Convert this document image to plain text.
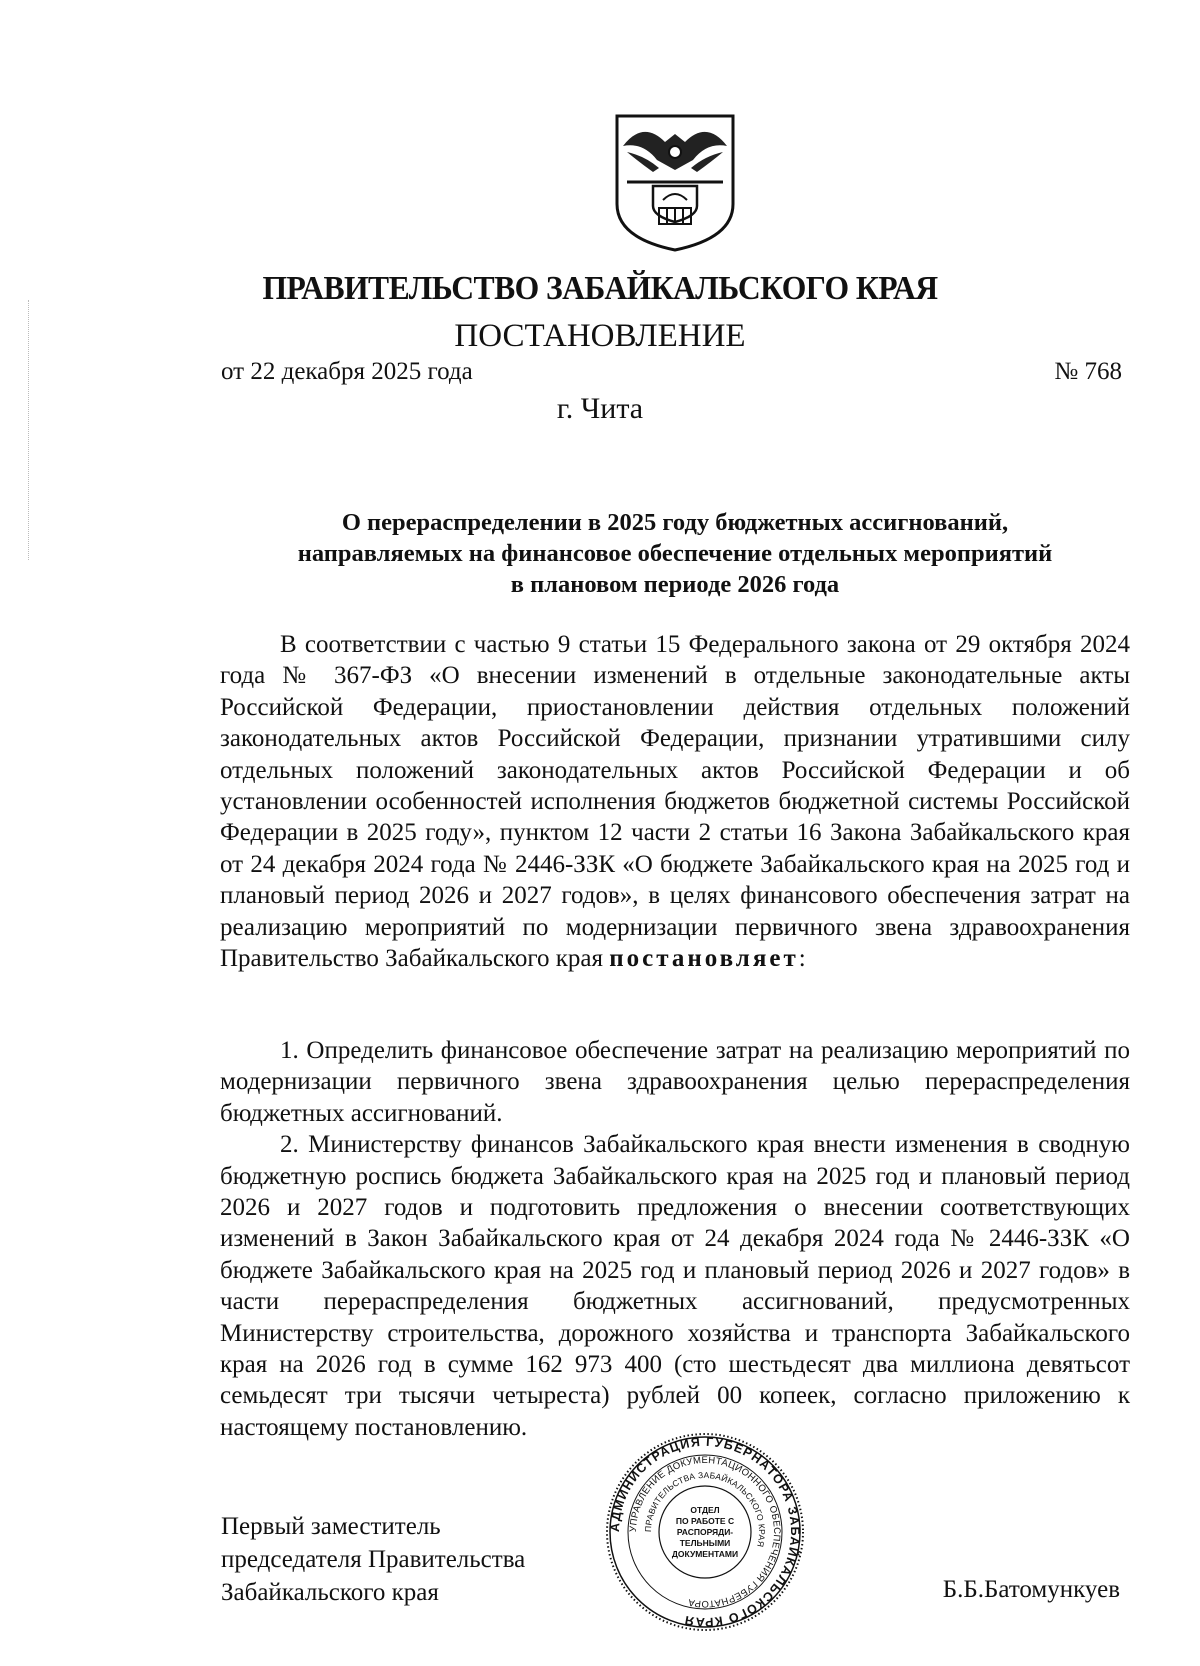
ПРАВИТЕЛЬСТВО ЗАБАЙКАЛЬСКОГО КРАЯ
ПОСТАНОВЛЕНИЕ
от 22 декабря 2025 года	№ 768
г. Чита
О перераспределении в 2025 году бюджетных ассигнований,
направляемых на финансовое обеспечение отдельных мероприятий
в плановом периоде 2026 года
В соответствии с частью 9 статьи 15 Федерального закона от 29 октября 2024 года № 367-ФЗ «О внесении изменений в отдельные законодательные акты Российской Федерации, приостановлении действия отдельных положений законодательных актов Российской Федерации, признании утратившими силу отдельных положений законодательных актов Российской Федерации и об установлении особенностей исполнения бюджетов бюджетной системы Российской Федерации в 2025 году», пунктом 12 части 2 статьи 16 Закона Забайкальского края от 24 декабря 2024 года № 2446-ЗЗК «О бюджете Забайкальского края на 2025 год и плановый период 2026 и 2027 годов», в целях финансового обеспечения затрат на реализацию мероприятий по модернизации первичного звена здравоохранения Правительство Забайкальского края постановляет:

1. Определить финансовое обеспечение затрат на реализацию мероприятий по модернизации первичного звена здравоохранения целью перераспределения бюджетных ассигнований.

2. Министерству финансов Забайкальского края внести изменения в сводную бюджетную роспись бюджета Забайкальского края на 2025 год и плановый период 2026 и 2027 годов и подготовить предложения о внесении соответствующих изменений в Закон Забайкальского края от 24 декабря 2024 года № 2446-ЗЗК «О бюджете Забайкальского края на 2025 год и плановый период 2026 и 2027 годов» в части перераспределения бюджетных ассигнований, предусмотренных Министерству строительства, дорожного хозяйства и транспорта Забайкальского края на 2026 год в сумме 162 973 400 (сто шестьдесят два миллиона девятьсот семьдесят три тысячи четыреста) рублей 00 копеек, согласно приложению к настоящему постановлению.

Первый заместитель
председателя Правительства
Забайкальского края	Б.Б.Батомункуев
АДМИНИСТРАЦИЯ ГУБЕРНАТОРА ЗАБАЙКАЛЬСКОГО КРАЯ
УПРАВЛЕНИЕ ДОКУМЕНТАЦИОННОГО ОБЕСПЕЧЕНИЯ ГУБЕРНАТОРА
ПРАВИТЕЛЬСТВА ЗАБАЙКАЛЬСКОГО КРАЯ
ОТДЕЛ
ПО РАБОТЕ С
РАСПОРЯДИ-
ТЕЛЬНЫМИ
ДОКУМЕНТАМИ
